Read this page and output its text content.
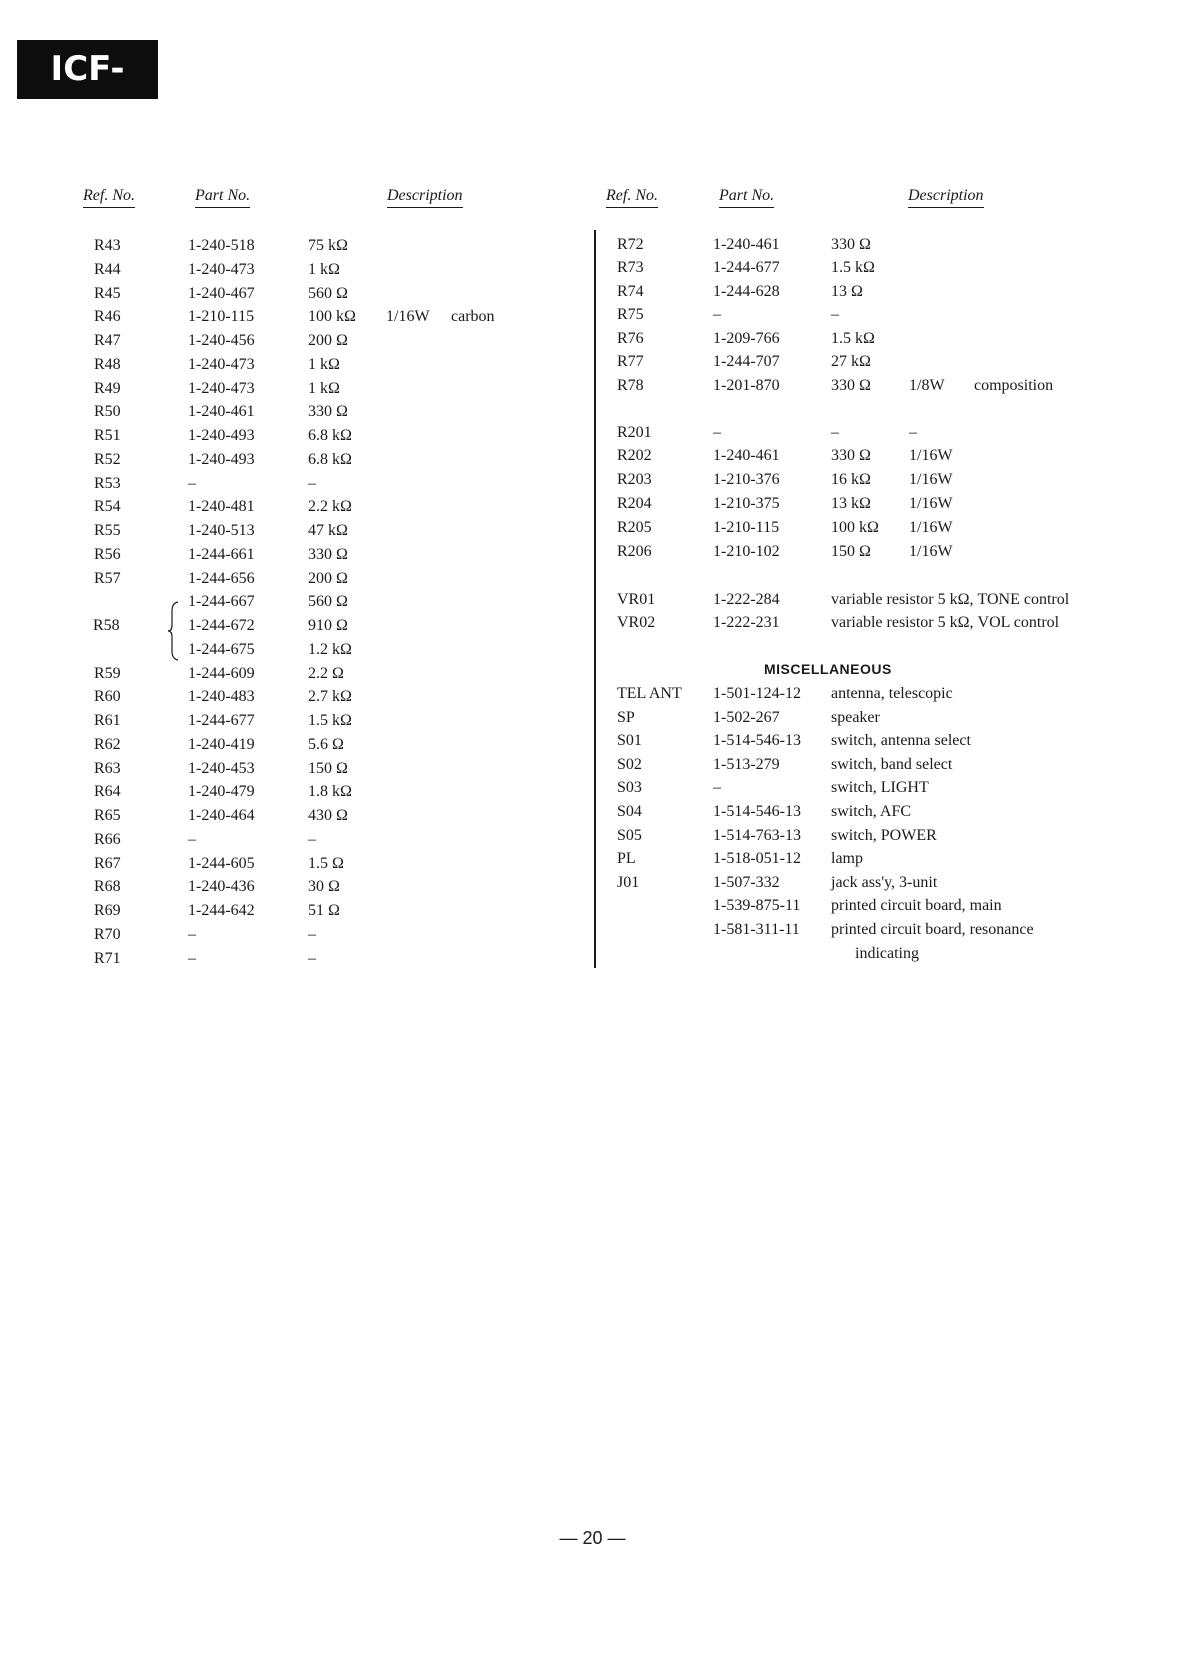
ICF-111B
Ref. No.	Part No.	Description	Ref. No.	Part No.	Description
R43	1-240-518	75 kΩ
R44	1-240-473	1 kΩ
R45	1-240-467	560 Ω
R46	1-210-115	100 kΩ 1/16W carbon
R47	1-240-456	200 Ω
R48	1-240-473	1 kΩ
R49	1-240-473	1 kΩ
R50	1-240-461	330 Ω
R51	1-240-493	6.8 kΩ
R52	1-240-493	6.8 kΩ
R53	–	–
R54	1-240-481	2.2 kΩ
R55	1-240-513	47 kΩ
R56	1-244-661	330 Ω
R57	1-244-656	200 Ω
1-244-667	560 Ω
R58	1-244-672	910 Ω
1-244-675	1.2 kΩ
R59	1-244-609	2.2 Ω
R60	1-240-483	2.7 kΩ
R61	1-244-677	1.5 kΩ
R62	1-240-419	5.6 Ω
R63	1-240-453	150 Ω
R64	1-240-479	1.8 kΩ
R65	1-240-464	430 Ω
R66	–	–
R67	1-244-605	1.5 Ω
R68	1-240-436	30 Ω
R69	1-244-642	51 Ω
R70	–	–
R71	–	–
R72	1-240-461	330 Ω
R73	1-244-677	1.5 kΩ
R74	1-244-628	13 Ω
R75	–	–
R76	1-209-766	1.5 kΩ
R77	1-244-707	27 kΩ
R78	1-201-870	330 Ω 1/8W composition
R201	–	–	–
R202	1-240-461	330 Ω 1/16W
R203	1-210-376	16 kΩ 1/16W
R204	1-210-375	13 kΩ 1/16W
R205	1-210-115	100 kΩ 1/16W
R206	1-210-102	150 Ω 1/16W
VR01	1-222-284	variable resistor 5 kΩ, TONE control
VR02	1-222-231	variable resistor 5 kΩ, VOL control
MISCELLANEOUS
TEL ANT 1-501-124-12 antenna, telescopic
SP	1-502-267	speaker
S01	1-514-546-13 switch, antenna select
S02	1-513-279	switch, band select
S03	–	switch, LIGHT
S04	1-514-546-13 switch, AFC
S05	1-514-763-13 switch, POWER
PL	1-518-051-12 lamp
J01	1-507-332	jack ass'y, 3-unit
1-539-875-11 printed circuit board, main
1-581-311-11 printed circuit board, resonance
indicating
— 20 —
